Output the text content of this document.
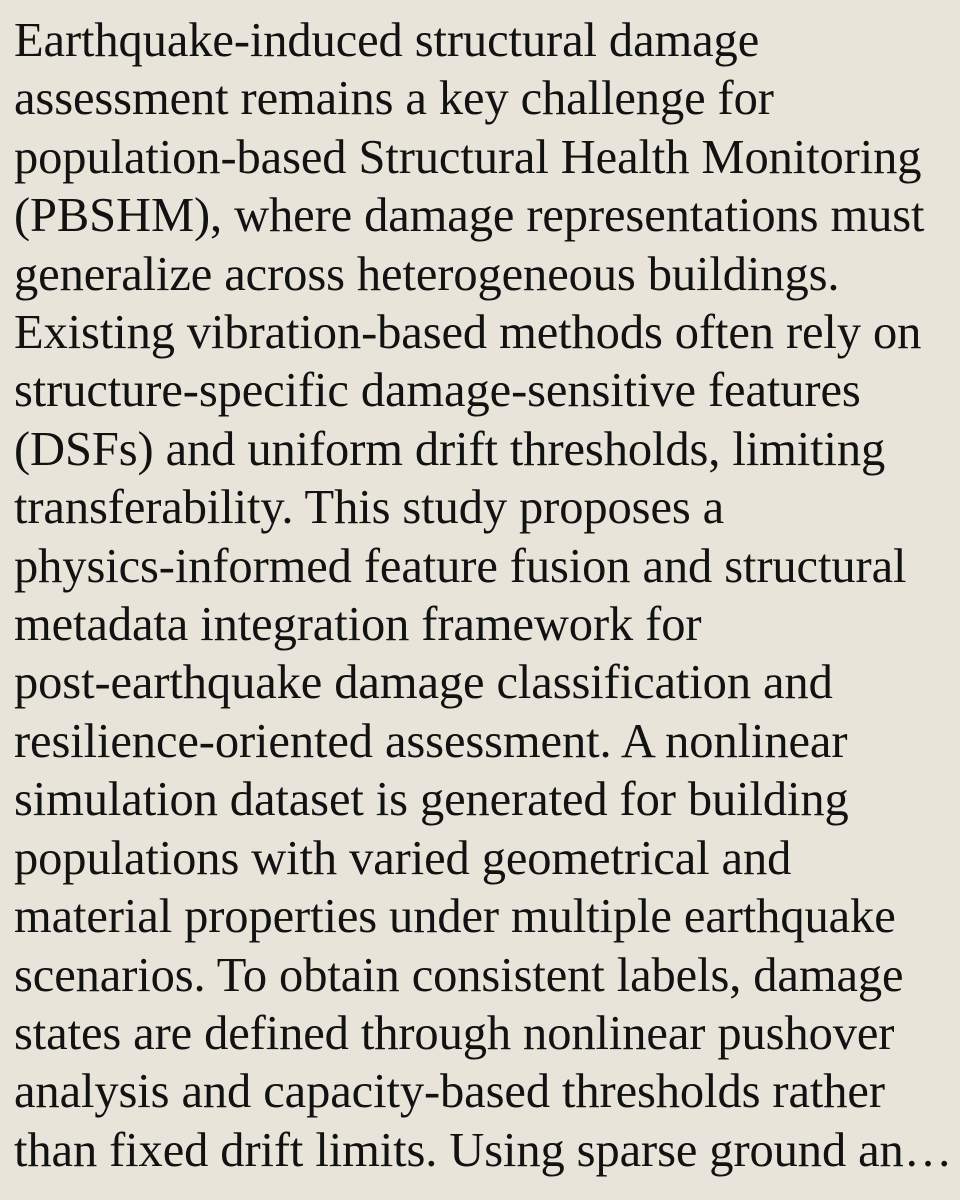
Earthquake-induced structural damage
assessment remains a key challenge for
population-based Structural Health Monitoring
(PBSHM), where damage representations must
generalize across heterogeneous buildings.
Existing vibration-based methods often rely on
structure-specific damage-sensitive features
(DSFs) and uniform drift thresholds, limiting
transferability. This study proposes a
physics-informed feature fusion and structural
metadata integration framework for
post-earthquake damage classification and
resilience-oriented assessment. A nonlinear
simulation dataset is generated for building
populations with varied geometrical and
material properties under multiple earthquake
scenarios. To obtain consistent labels, damage
states are defined through nonlinear pushover
analysis and capacity-based thresholds rather
than fixed drift limits. Using sparse ground an…
